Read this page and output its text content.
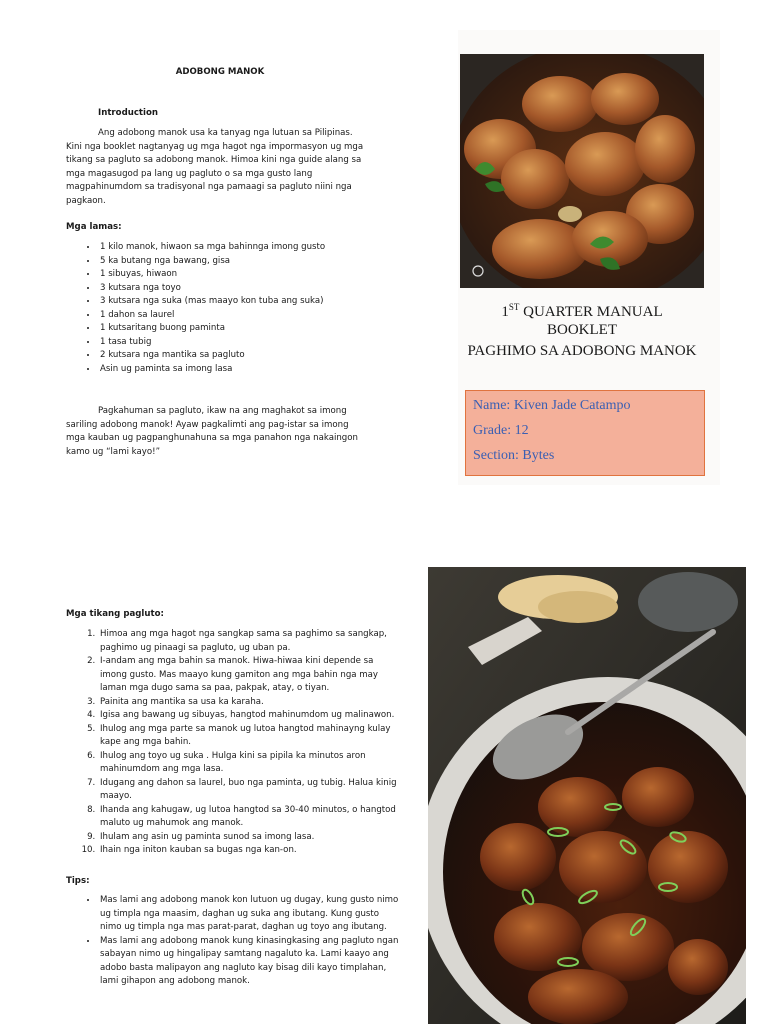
ADOBONG MANOK
Introduction
Ang adobong manok usa ka tanyag nga lutuan sa Pilipinas. Kini nga booklet nagtanyag ug mga hagot nga impormasyon ug mga tikang sa pagluto sa adobong manok. Himoa kini nga guide alang sa mga magasugod pa lang ug pagluto o sa mga gusto lang magpahinumdom sa tradisyonal nga pamaagi sa pagluto niini nga pagkaon.
Mga lamas:
• 1 kilo manok, hiwaon sa mga bahinnga imong gusto
• 5 ka butang nga bawang, gisa
• 1 sibuyas, hiwaon
• 3 kutsara nga toyo
• 3 kutsara nga suka (mas maayo kon tuba ang suka)
• 1 dahon sa laurel
• 1 kutsaritang buong paminta
• 1 tasa tubig
• 2 kutsara nga mantika sa pagluto
• Asin ug paminta sa imong lasa
Pagkahuman sa pagluto, ikaw na ang maghakot sa imong sariling adobong manok! Ayaw pagkalimti ang pag-istar sa imong mga kauban ug pagpanghunahuna sa mga panahon nga nakaingon kamo ug “lami kayo!”
1ST QUARTER MANUAL
BOOKLET
PAGHIMO SA ADOBONG MANOK
Name: Kiven Jade Catampo
Grade: 12
Section: Bytes
Mga tikang pagluto:
1. Himoa ang mga hagot nga sangkap sama sa paghimo sa sangkap, paghimo ug pinaagi sa pagluto, ug uban pa.
2. I-andam ang mga bahin sa manok. Hiwa-hiwaa kini depende sa imong gusto. Mas maayo kung gamiton ang mga bahin nga may laman mga dugo sama sa paa, pakpak, atay, o tiyan.
3. Painita ang mantika sa usa ka karaha.
4. Igisa ang bawang ug sibuyas, hangtod mahinumdom ug malinawon.
5. Ihulog ang mga parte sa manok ug lutoa hangtod mahinayng kulay kape ang mga bahin.
6. Ihulog ang toyo ug suka . Hulga kini sa pipila ka minutos aron mahinumdom ang mga lasa.
7. Idugang ang dahon sa laurel, buo nga paminta, ug tubig. Halua kinig maayo.
8. Ihanda ang kahugaw, ug lutoa hangtod sa 30-40 minutos, o hangtod maluto ug mahumok ang manok.
9. Ihulam ang asin ug paminta sunod sa imong lasa.
10. Ihain nga initon kauban sa bugas nga kan-on.
Tips:
• Mas lami ang adobong manok kon lutuon ug dugay, kung gusto nimo ug timpla nga maasim, daghan ug suka ang ibutang. Kung gusto nimo ug timpla nga mas parat-parat, daghan ug toyo ang ibutang.
• Mas lami ang adobong manok kung kinasingkasing ang pagluto ngan sabayan nimo ug hingalipay samtang nagaluto ka. Lami kaayo ang adobo basta malipayon ang nagluto kay bisag dili kayo timplahan, lami gihapon ang adobong manok.
